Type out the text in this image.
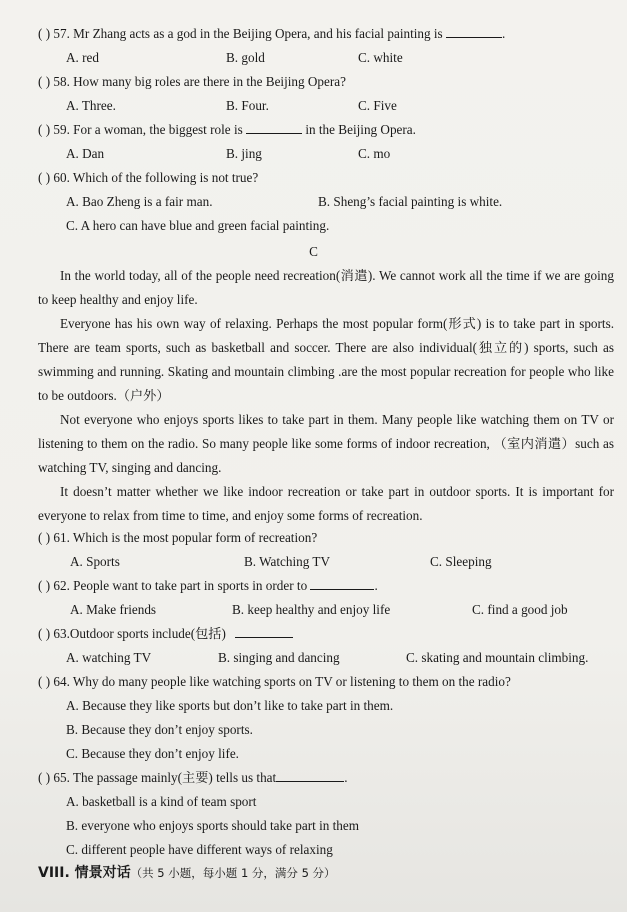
( ) 57. Mr Zhang acts as a god in the Beijing Opera, and his facial painting is	.
A. red	B. gold	C. white
( ) 58. How many big roles are there in the Beijing Opera?
A. Three.	B. Four.	C. Five
( ) 59. For a woman, the biggest role is	in the Beijing Opera.
A. Dan	B. jing	C. mo
( ) 60. Which of the following is not true?
A. Bao Zheng is a fair man.	B. Sheng’s facial painting is white.
C. A hero can have blue and green facial painting.
C
In the world today, all of the people need recreation(消遣). We cannot work all the time if we are going to keep healthy and enjoy life.
Everyone has his own way of relaxing. Perhaps the most popular form(形式) is to take part in sports. There are team sports, such as basketball and soccer. There are also individual(独立的) sports, such as swimming and running. Skating and mountain climbing .are the most popular recreation for people who like to be outdoors.（户外）
Not everyone who enjoys sports likes to take part in them. Many people like watching them on TV or listening to them on the radio. So many people like some forms of indoor recreation, （室内消遣）such as watching TV, singing and dancing.
It doesn’t matter whether we like indoor recreation or take part in outdoor sports. It is important for everyone to relax from time to time, and enjoy some forms of recreation.
( ) 61. Which is the most popular form of recreation?
A. Sports	B. Watching TV	C. Sleeping
( ) 62. People want to take part in sports in order to	.
A. Make friends	B. keep healthy and enjoy life	C. find a good job
( ) 63.Outdoor sports include(包括)
A. watching TV	B. singing and dancing	C. skating and mountain climbing.
( ) 64. Why do many people like watching sports on TV or listening to them on the radio?
A. Because they like sports but don’t like to take part in them.
B. Because they don’t enjoy sports.
C. Because they don’t enjoy life.
( ) 65. The passage mainly(主要) tells us that	.
A. basketball is a kind of team sport
B. everyone who enjoys sports should take part in them
C. different people have different ways of relaxing
VIII. 情景对话（共 5 小题，每小题 1 分，满分 5 分）
